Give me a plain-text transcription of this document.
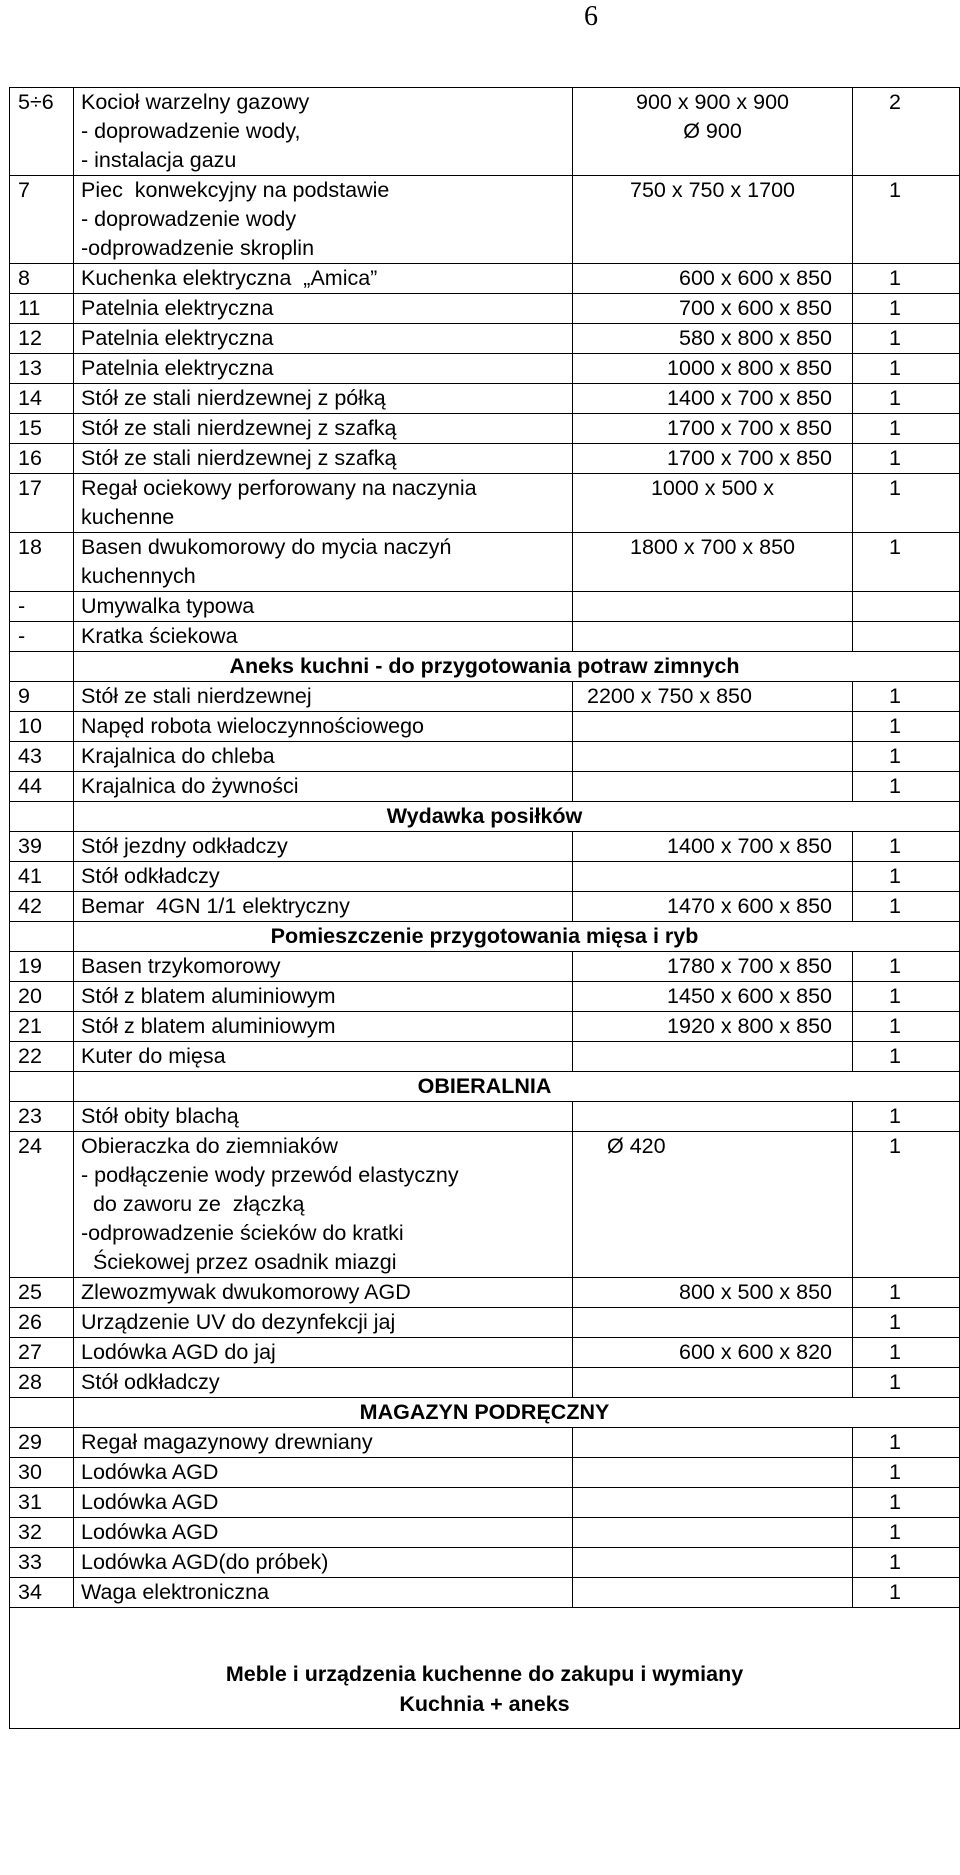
6
5÷6	Kocioł warzelny gazowy
- doprowadzenie wody,
- instalacja gazu	900 x 900 x 900
Ø 900	2
7	Piec  konwekcyjny na podstawie
- doprowadzenie wody
-odprowadzenie skroplin	750 x 750 x 1700	1
8	Kuchenka elektryczna  „Amica”	600 x 600 x 850	1
11	Patelnia elektryczna	700 x 600 x 850	1
12	Patelnia elektryczna	580 x 800 x 850	1
13	Patelnia elektryczna	1000 x 800 x 850	1
14	Stół ze stali nierdzewnej z półką	1400 x 700 x 850	1
15	Stół ze stali nierdzewnej z szafką	1700 x 700 x 850	1
16	Stół ze stali nierdzewnej z szafką	1700 x 700 x 850	1
17	Regał ociekowy perforowany na naczynia
kuchenne	1000 x 500 x	1
18	Basen dwukomorowy do mycia naczyń
kuchennych	1800 x 700 x 850	1
-	Umywalka typowa		

-	Kratka ściekowa		

	Aneks kuchni - do przygotowania potraw zimnych		
9	Stół ze stali nierdzewnej	2200 x 750 x 850	1
10	Napęd robota wieloczynnościowego		1
43	Krajalnica do chleba		1
44	Krajalnica do żywności		1
	Wydawka posiłków		
39	Stół jezdny odkładczy	1400 x 700 x 850	1
41	Stół odkładczy		1
42	Bemar  4GN 1/1 elektryczny	1470 x 600 x 850	1
	Pomieszczenie przygotowania mięsa i ryb		
19	Basen trzykomorowy	1780 x 700 x 850	1
20	Stół z blatem aluminiowym	1450 x 600 x 850	1
21	Stół z blatem aluminiowym	1920 x 800 x 850	1
22	Kuter do mięsa		1
	OBIERALNIA		
23	Stół obity blachą		1
24	Obieraczka do ziemniaków
- podłączenie wody przewód elastyczny
do zaworu ze  złączką
-odprowadzenie ścieków do kratki
Ściekowej przez osadnik miazgi	Ø 420	1
25	Zlewozmywak dwukomorowy AGD	800 x 500 x 850	1
26	Urządzenie UV do dezynfekcji jaj		1
27	Lodówka AGD do jaj	600 x 600 x 820	1
28	Stół odkładczy		1
	MAGAZYN PODRĘCZNY		
29	Regał magazynowy drewniany		1
30	Lodówka AGD		1
31	Lodówka AGD		1
32	Lodówka AGD		1
33	Lodówka AGD(do próbek)		1
34	Waga elektroniczna		1

Meble i urządzenia kuchenne do zakupu i wymiany
Kuchnia + aneks			
